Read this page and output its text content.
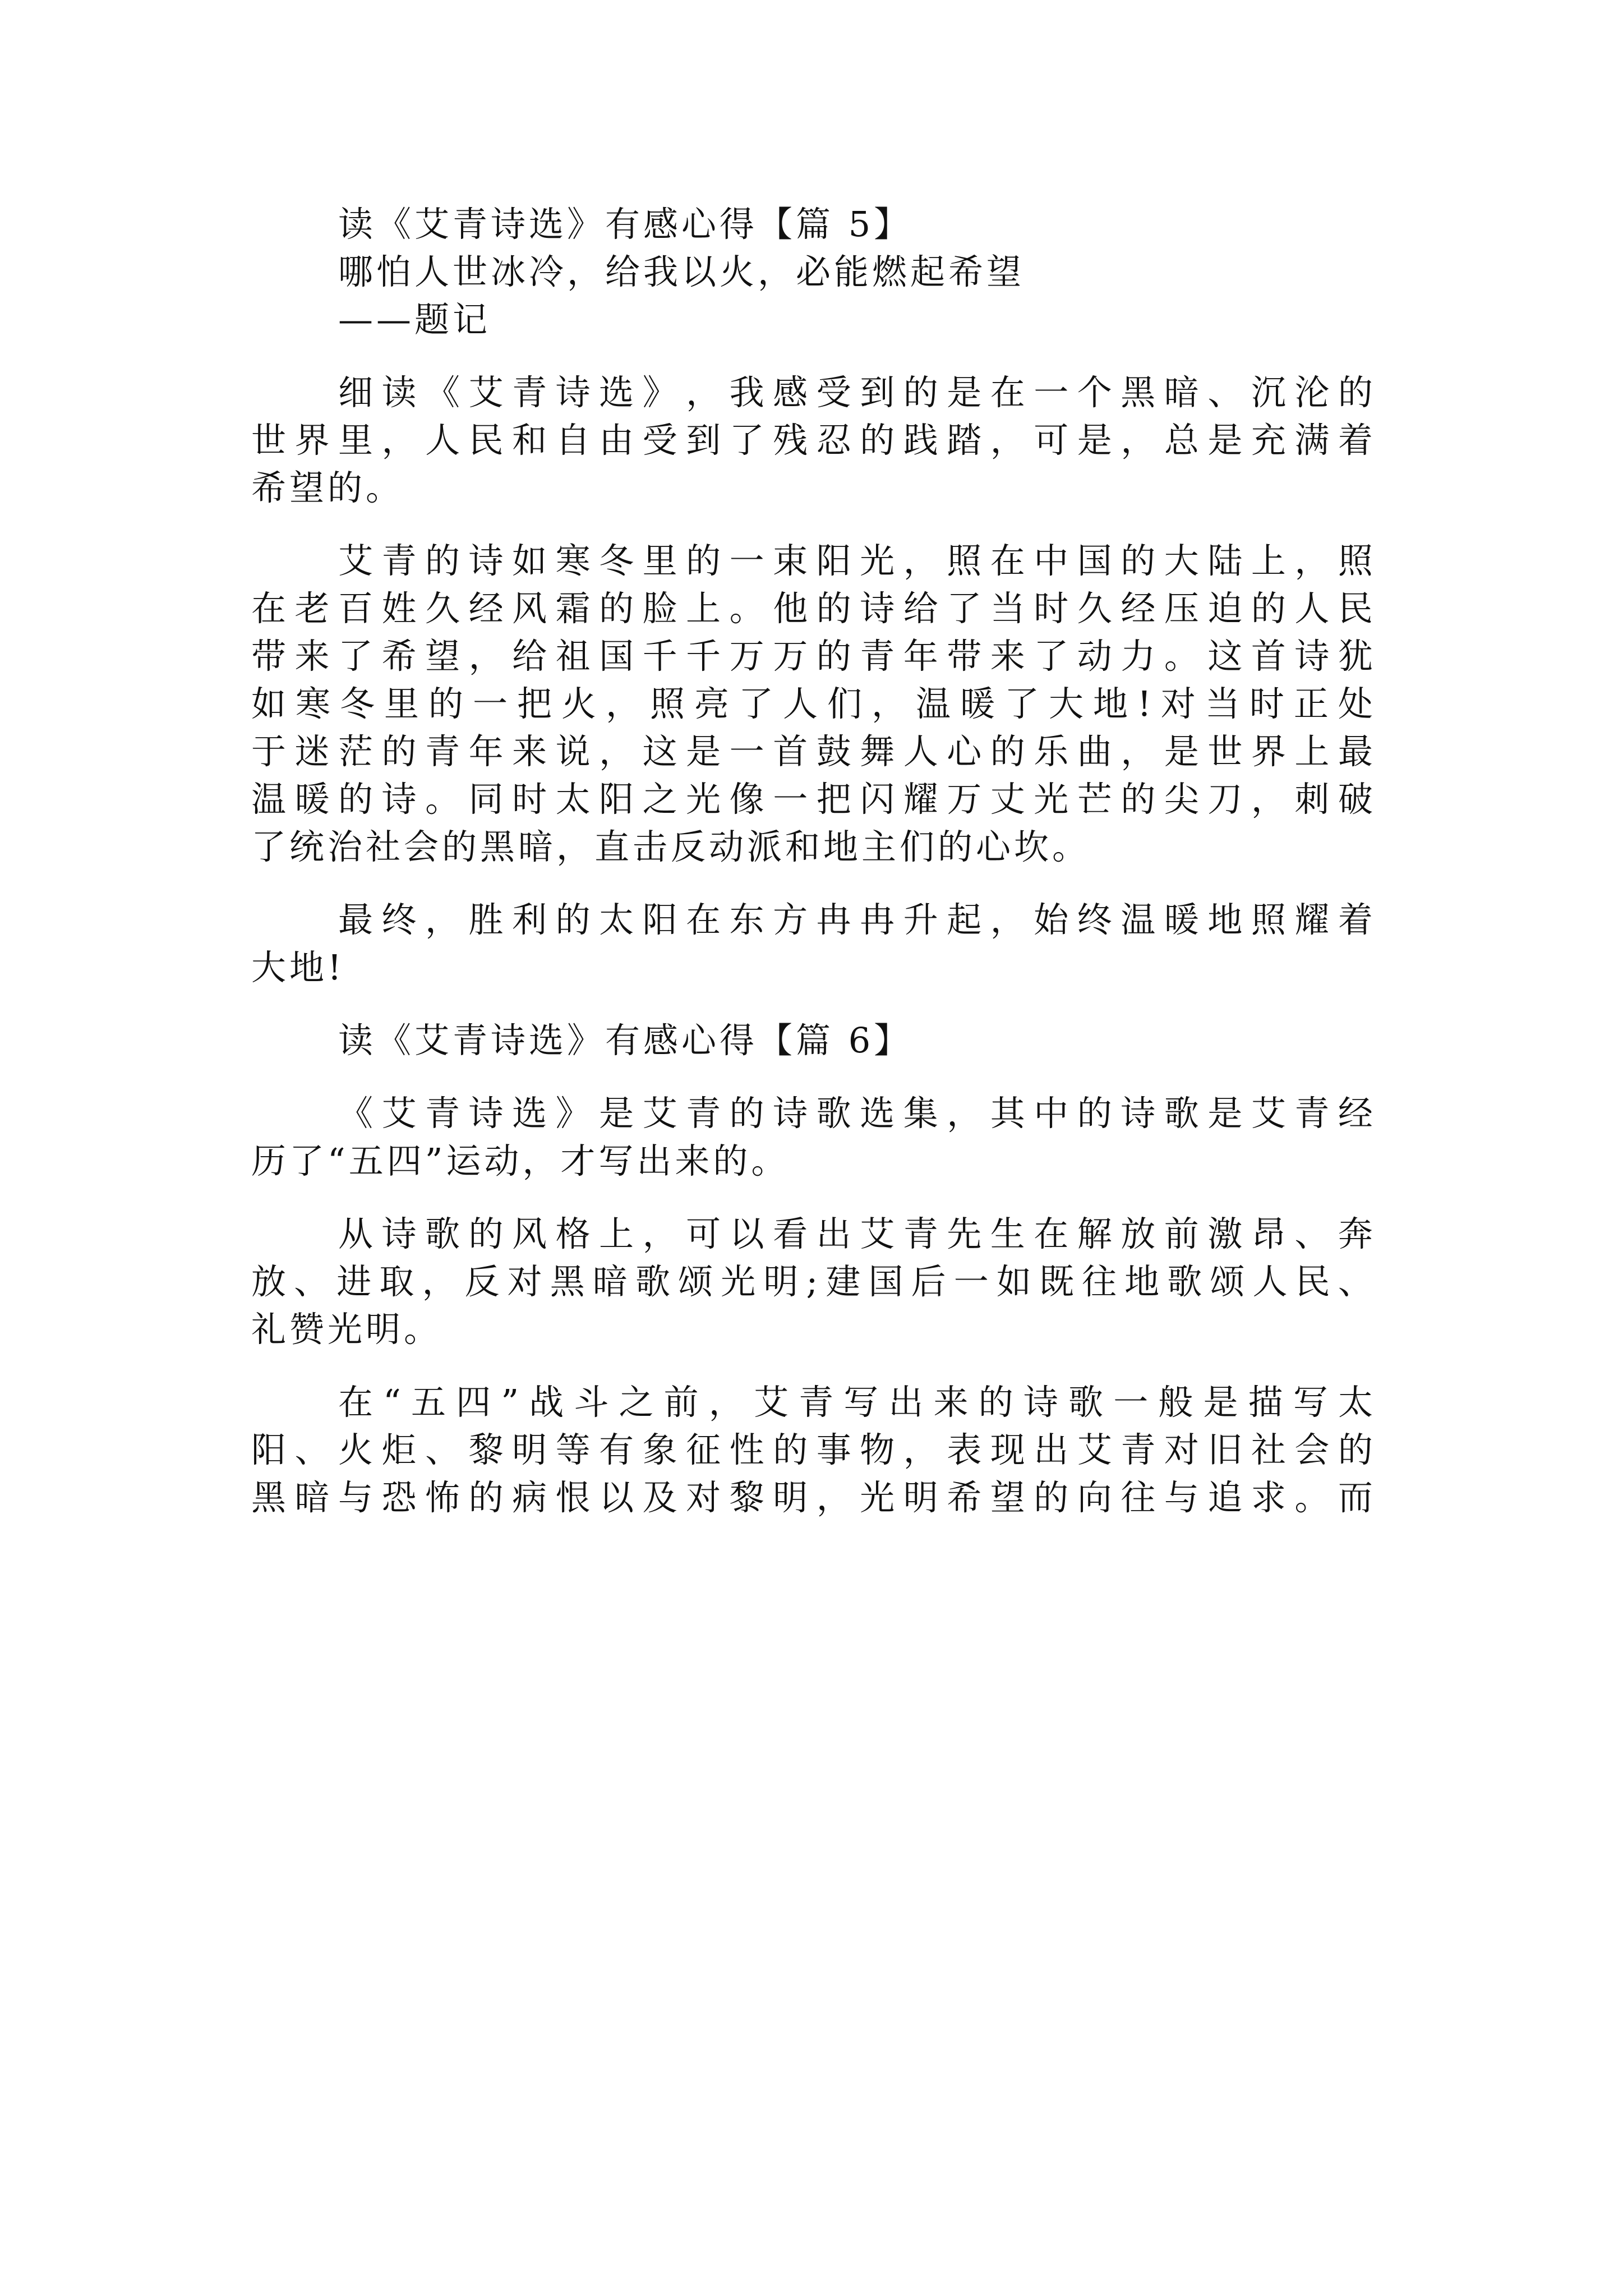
读《艾青诗选》有感心得【篇 5】
哪怕人世冰冷，给我以火，必能燃起希望
——题记
细 读 《 艾 青 诗 选 》 ， 我 感 受 到 的 是 在 一 个 黑 暗 、 沉 沦 的
世 界 里 ， 人 民 和 自 由 受 到 了 残 忍 的 践 踏 ， 可 是 ， 总 是 充 满 着
希望的。
艾 青 的 诗 如 寒 冬 里 的 一 束 阳 光 ， 照 在 中 国 的 大 陆 上 ， 照
在 老 百 姓 久 经 风 霜 的 脸 上 。 他 的 诗 给 了 当 时 久 经 压 迫 的 人 民
带 来 了 希 望 ， 给 祖 国 千 千 万 万 的 青 年 带 来 了 动 力 。 这 首 诗 犹
如 寒 冬 里 的 一 把 火 ， 照 亮 了 人 们 ， 温 暖 了 大 地 ! 对 当 时 正 处
于 迷 茫 的 青 年 来 说 ， 这 是 一 首 鼓 舞 人 心 的 乐 曲 ， 是 世 界 上 最
温 暖 的 诗 。 同 时 太 阳 之 光 像 一 把 闪 耀 万 丈 光 芒 的 尖 刀 ， 刺 破
了统治社会的黑暗，直击反动派和地主们的心坎。
最 终 ， 胜 利 的 太 阳 在 东 方 冉 冉 升 起 ， 始 终 温 暖 地 照 耀 着
大地!
读《艾青诗选》有感心得【篇 6】
《 艾 青 诗 选 》 是 艾 青 的 诗 歌 选 集 ， 其 中 的 诗 歌 是 艾 青 经
历了“五四”运动，才写出来的。
从 诗 歌 的 风 格 上 ， 可 以 看 出 艾 青 先 生 在 解 放 前 激 昂 、 奔
放 、 进 取 ， 反 对 黑 暗 歌 颂 光 明 ; 建 国 后 一 如 既 往 地 歌 颂 人 民 、
礼赞光明。
在 “ 五 四 ” 战 斗 之 前 ， 艾 青 写 出 来 的 诗 歌 一 般 是 描 写 太
阳 、 火 炬 、 黎 明 等 有 象 征 性 的 事 物 ， 表 现 出 艾 青 对 旧 社 会 的
黑 暗 与 恐 怖 的 病 恨 以 及 对 黎 明 ， 光 明 希 望 的 向 往 与 追 求 。 而
